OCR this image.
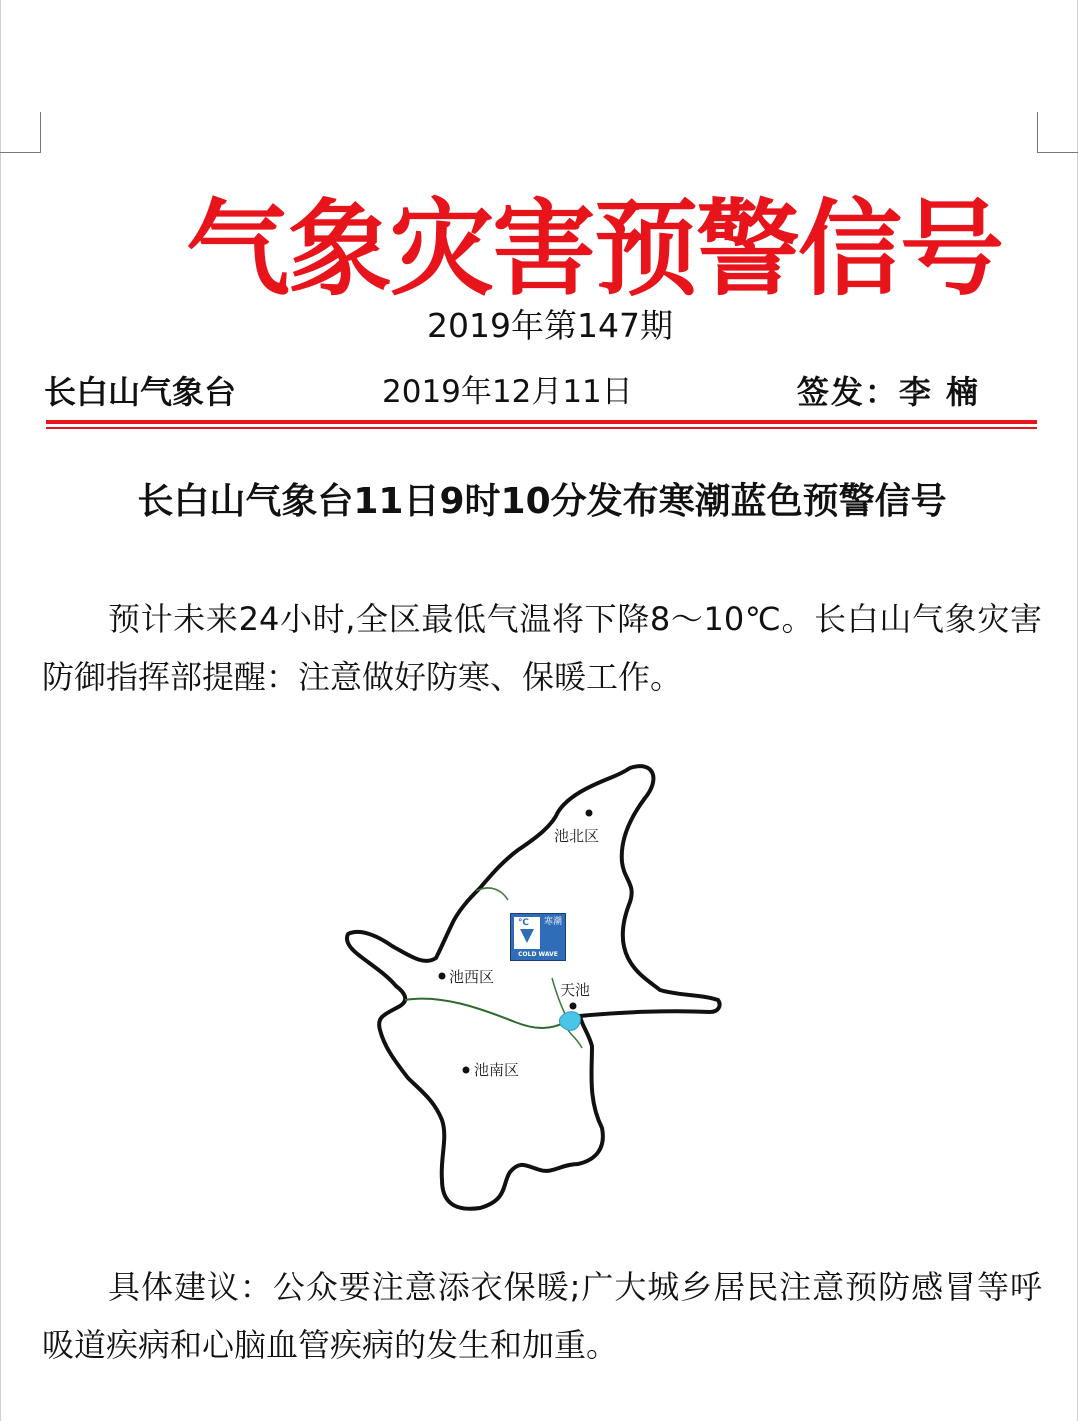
气象灾害预警信号
2019年第147期
长白山气象台	2019年12月11日	签发：李 楠
长白山气象台11日9时10分发布寒潮蓝色预警信号
预计未来24小时,全区最低气温将下降8～10℃。长白山气象灾害防御指挥部提醒：注意做好防寒、保暖工作。
池北区
池西区
天池
池南区
℃ 寒潮
COLD WAVE
具体建议：公众要注意添衣保暖;广大城乡居民注意预防感冒等呼吸道疾病和心脑血管疾病的发生和加重。
